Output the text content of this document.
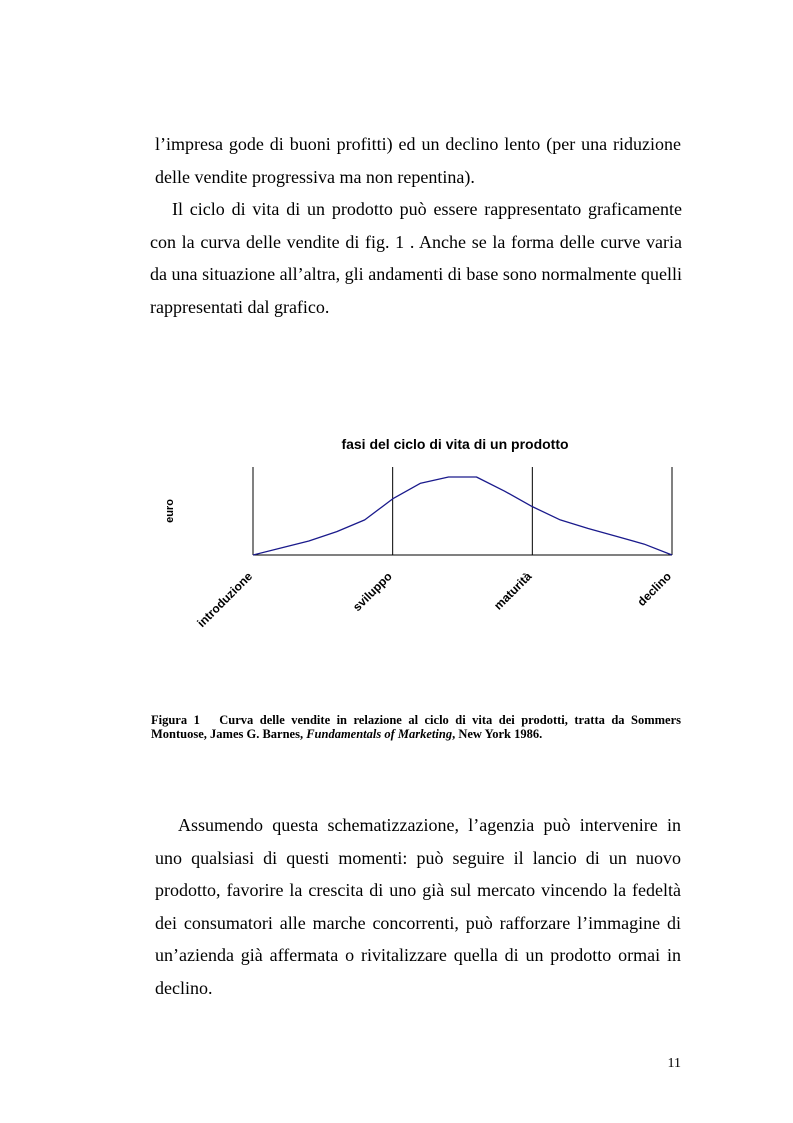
l’impresa gode di buoni profitti) ed un declino lento (per una riduzione delle vendite progressiva ma non repentina).

Il ciclo di vita di un prodotto può essere rappresentato graficamente con la curva delle vendite di fig. 1 . Anche se la forma delle curve varia da una situazione all’altra, gli andamenti di base sono normalmente quelli rappresentati dal grafico.

fasi del ciclo di vita di un prodotto
euro
introduzione	sviluppo	maturità	declino
Figura 1 Curva delle vendite in relazione al ciclo di vita dei prodotti, tratta da Sommers Montuose, James G. Barnes, Fundamentals of Marketing, New York 1986.

Assumendo questa schematizzazione, l’agenzia può intervenire in uno qualsiasi di questi momenti: può seguire il lancio di un nuovo prodotto, favorire la crescita di uno già sul mercato vincendo la fedeltà dei consumatori alle marche concorrenti, può rafforzare l’immagine di un’azienda già affermata o rivitalizzare quella di un prodotto ormai in declino.

11
